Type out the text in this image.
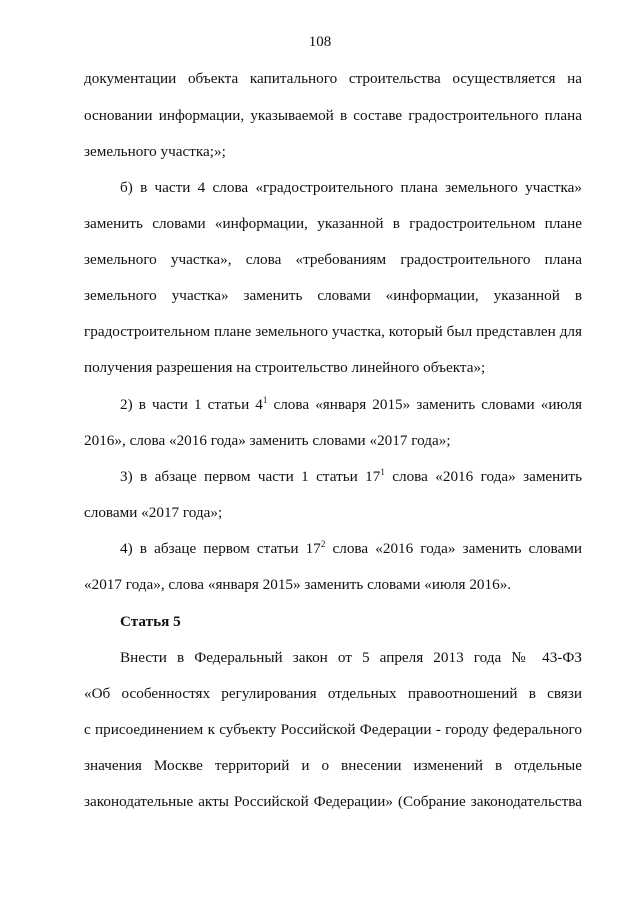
108
документации объекта капитального строительства осуществляется на
основании информации, указываемой в составе градостроительного плана
земельного участка;»;
б) в части 4 слова «градостроительного плана земельного участка»
заменить словами «информации, указанной в градостроительном плане
земельного участка», слова «требованиям градостроительного плана
земельного участка» заменить словами «информации, указанной в
градостроительном плане земельного участка, который был представлен для
получения разрешения на строительство линейного объекта»;
2) в части 1 статьи $4^1$ слова «января 2015» заменить словами «июля
2016», слова «2016 года» заменить словами «2017 года»;
3) в абзаце первом части 1 статьи $17^1$ слова «2016 года» заменить
словами «2017 года»;
4) в абзаце первом статьи $17^2$ слова «2016 года» заменить словами
«2017 года», слова «января 2015» заменить словами «июля 2016».
Статья 5
Внести в Федеральный закон от 5 апреля 2013 года № 43-ФЗ
«Об особенностях регулирования отдельных правоотношений в связи
с присоединением к субъекту Российской Федерации - городу федерального
значения Москве территорий и о внесении изменений в отдельные
законодательные акты Российской Федерации» (Собрание законодательства
